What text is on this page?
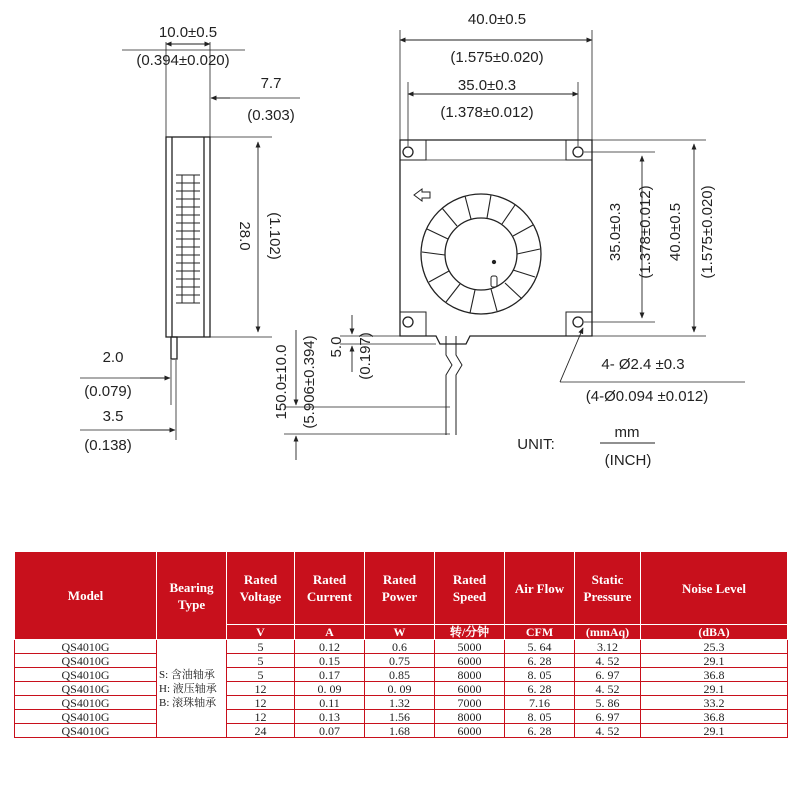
10.0±0.5
(0.394±0.020)
7.7
(0.303)
28.0 (1.102)
2.0
(0.079)
3.5
(0.138)
40.0±0.5
(1.575±0.020)
35.0±0.3
(1.378±0.012)
35.0±0.3 (1.378±0.012) 40.0±0.5 (1.575±0.020)
4- Ø2.4 ±0.3
(4-Ø0.094 ±0.012)
150.0±10.0 (5.906±0.394) 5.0 (0.197)
UNIT:
mm
(INCH)
Model	Bearing Type	Rated Voltage	Rated Current	Rated Power	Rated Speed	Air Flow	Static Pressure	Noise Level
		V	A	W	转/分钟	CFM	(mmAq)	(dBA)
QS4010G	S: 含油轴承
H: 液压轴承
B: 滚珠轴承	5	0.12	0.6	5000	5. 64	3.12	25.3
QS4010G		5	0.15	0.75	6000	6. 28	4. 52	29.1
QS4010G		5	0.17	0.85	8000	8. 05	6. 97	36.8
QS4010G		12	0. 09	0. 09	6000	6. 28	4. 52	29.1
QS4010G		12	0.11	1.32	7000	7.16	5. 86	33.2
QS4010G		12	0.13	1.56	8000	8. 05	6. 97	36.8
QS4010G		24	0.07	1.68	6000	6. 28	4. 52	29.1
